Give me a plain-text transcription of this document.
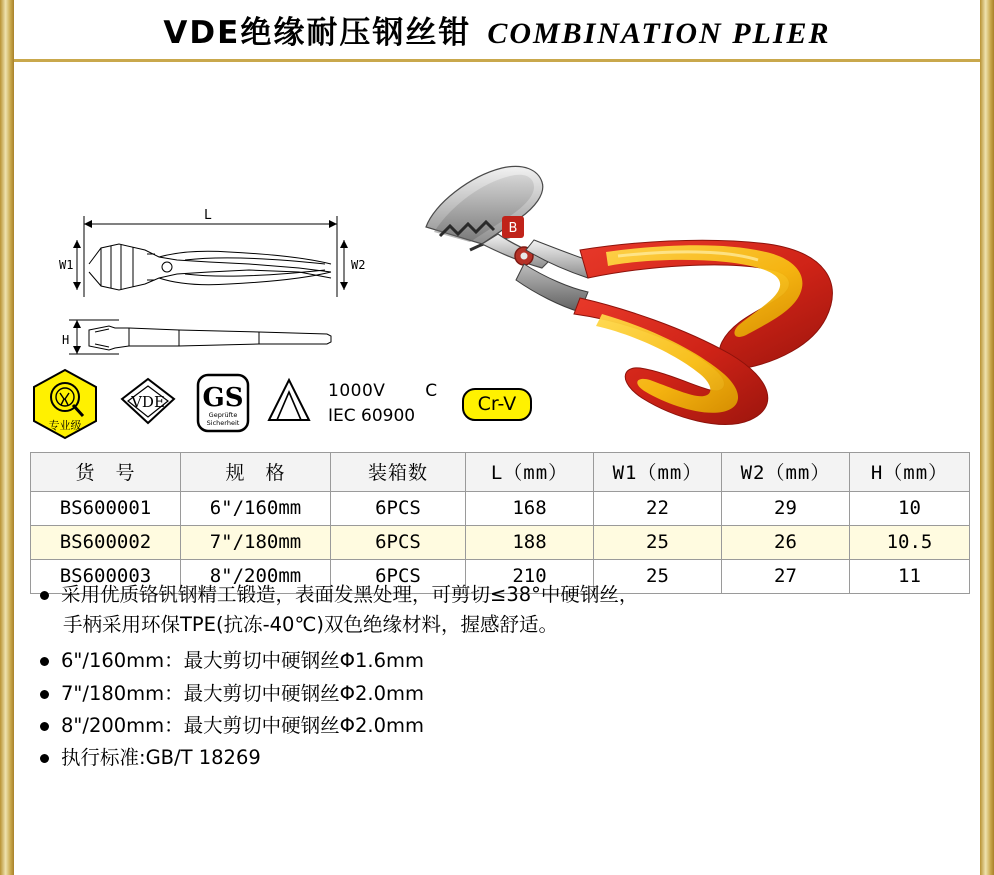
VDE绝缘耐压钢丝钳 COMBINATION PLIER
L
W1	W2
H
B
专业级
VDE GS
Geprüfte
Sicherheit
1000V C
IEC 60900
Cr-V
货　号	规　格	装箱数	L（mm）	W1（mm）	W2（mm）	H（mm）
BS600001	6"/160mm	6PCS	168	22	29	10
BS600002	7"/180mm	6PCS	188	25	26	10.5
BS600003	8"/200mm	6PCS	210	25	27	11
采用优质铬钒钢精工锻造，表面发黑处理，可剪切≤38°中硬钢丝，
手柄采用环保TPE(抗冻-40℃)双色绝缘材料，握感舒适。
6"/160mm：最大剪切中硬钢丝Φ1.6mm
7"/180mm：最大剪切中硬钢丝Φ2.0mm
8"/200mm：最大剪切中硬钢丝Φ2.0mm
执行标准:GB/T 18269
